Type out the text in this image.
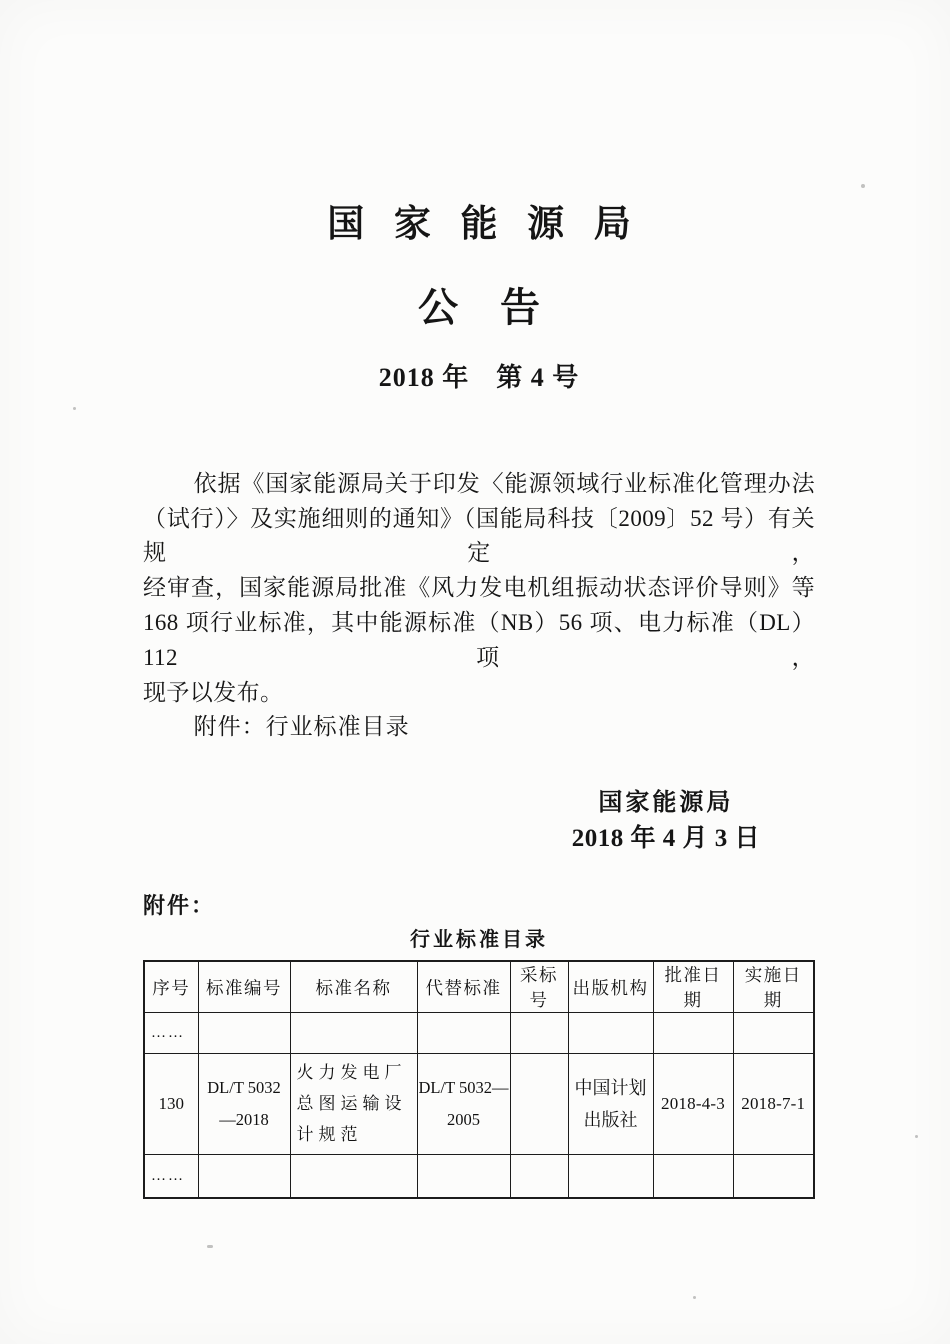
国家能源局
公告
2018 年　第 4 号
依据《国家能源局关于印发〈能源领域行业标准化管理办法
（试行）〉及实施细则的通知》（国能局科技〔2009〕52 号）有关规定，
经审查，国家能源局批准《风力发电机组振动状态评价导则》等
168 项行业标准，其中能源标准（NB）56 项、电力标准（DL）112 项，
现予以发布。
附件：行业标准目录
国家能源局
2018 年 4 月 3 日
附件：
行业标准目录
序号	标准编号	标准名称	代替标准	采标号	出版机构	批准日期	实施日期
……							
130	DL/T 5032—2018	火力发电厂总图运输设计规范	DL/T 5032—2005		中国计划出版社	2018-4-3	2018-7-1
……							
